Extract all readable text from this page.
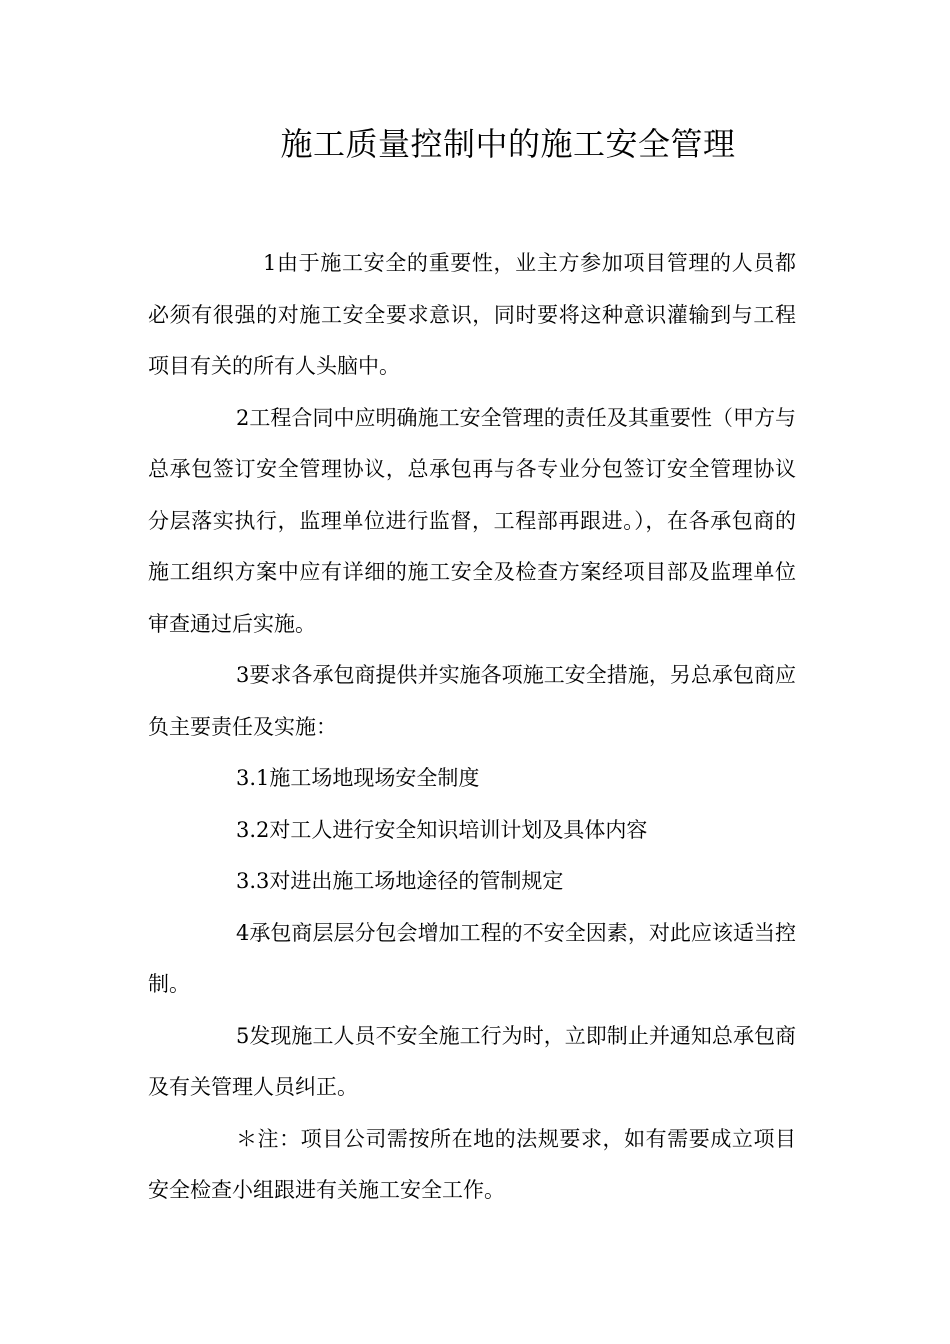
施工质量控制中的施工安全管理

1由于施工安全的重要性，业主方参加项目管理的人员都必须有很强的对施工安全要求意识，同时要将这种意识灌输到与工程项目有关的所有人头脑中。

2工程合同中应明确施工安全管理的责任及其重要性（甲方与总承包签订安全管理协议，总承包再与各专业分包签订安全管理协议分层落实执行，监理单位进行监督，工程部再跟进。），在各承包商的施工组织方案中应有详细的施工安全及检查方案经项目部及监理单位审查通过后实施。

3要求各承包商提供并实施各项施工安全措施，另总承包商应负主要责任及实施：

3.1施工场地现场安全制度

3.2对工人进行安全知识培训计划及具体内容

3.3对进出施工场地途径的管制规定

4承包商层层分包会增加工程的不安全因素，对此应该适当控制。

5发现施工人员不安全施工行为时，立即制止并通知总承包商及有关管理人员纠正。

＊注：项目公司需按所在地的法规要求，如有需要成立项目安全检查小组跟进有关施工安全工作。
